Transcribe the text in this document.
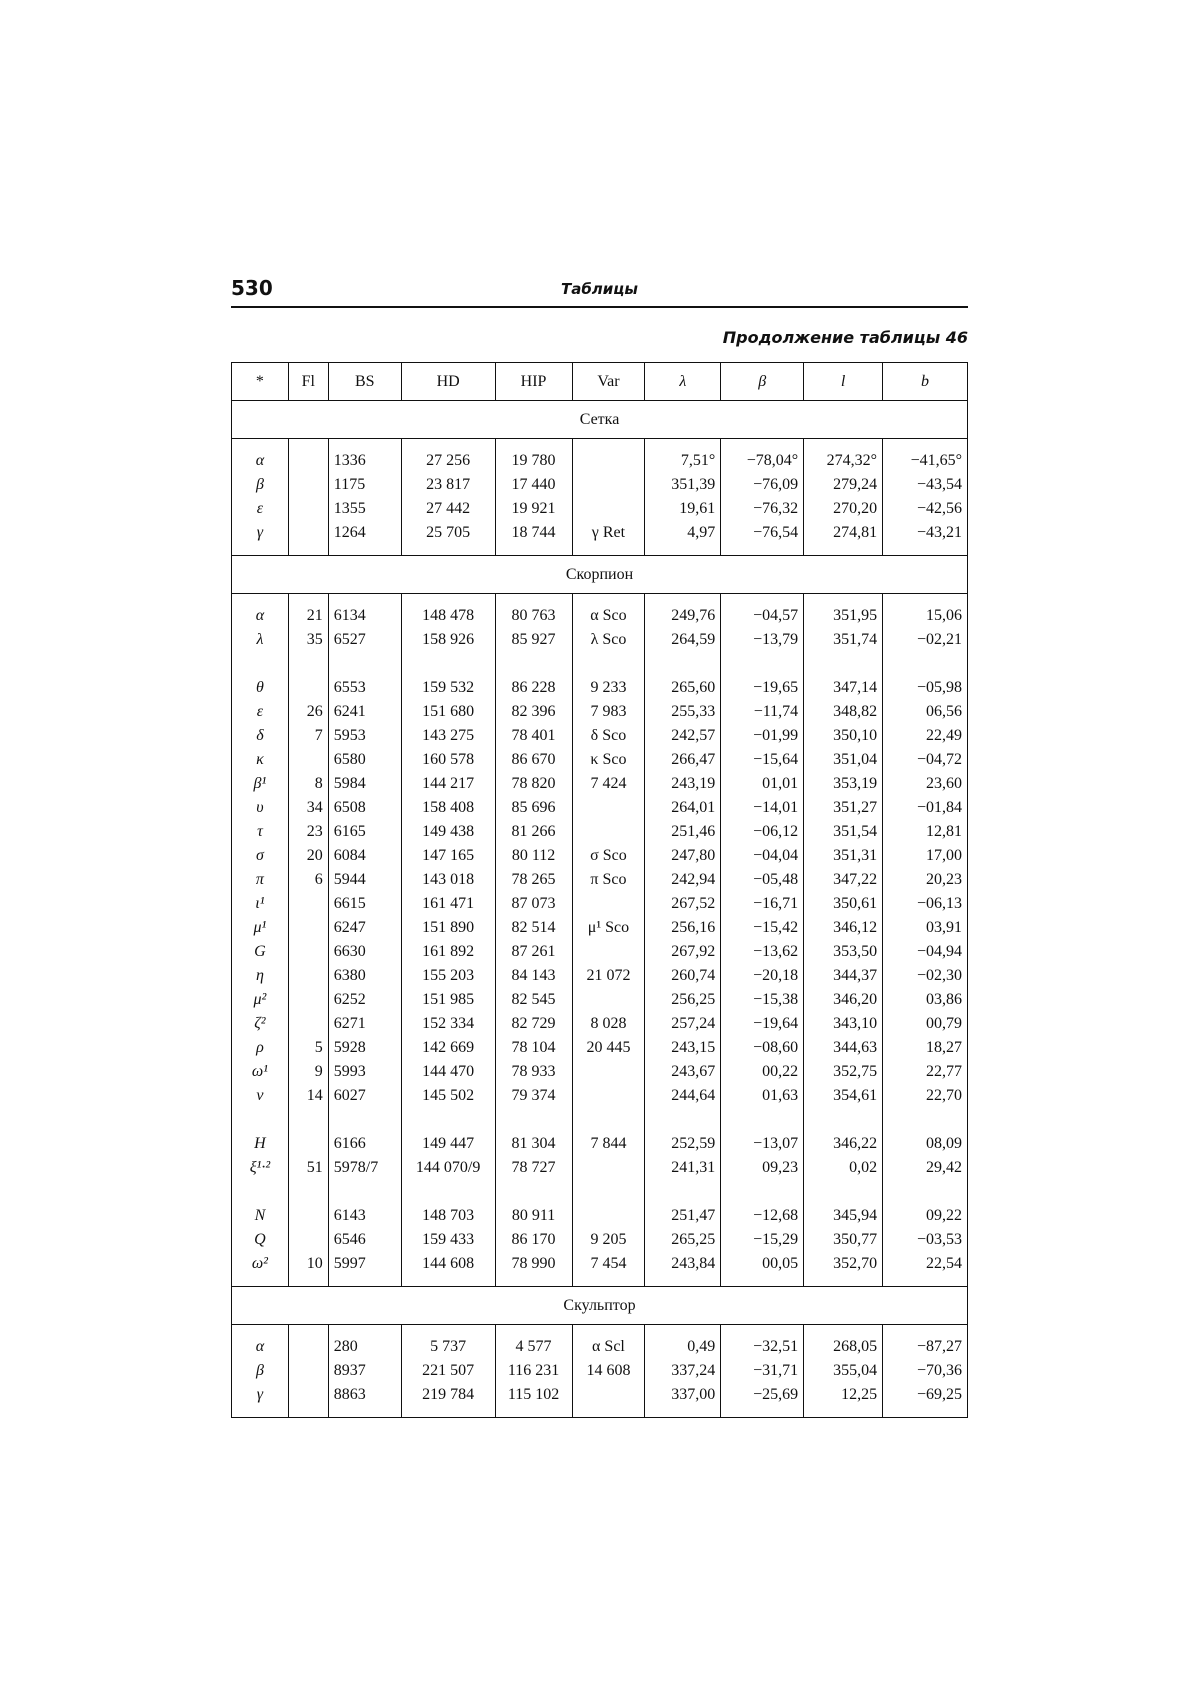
530	Таблицы
Продолжение таблицы 46
*	Fl	BS	HD	HIP	Var	λ	β	l	b
Сетка									

α		1336	27 256	19 780		7,51°	−78,04°	274,32°	−41,65°
β		1175	23 817	17 440		351,39	−76,09	279,24	−43,54
ε		1355	27 442	19 921		19,61	−76,32	270,20	−42,56
γ		1264	25 705	18 744	γ Ret	4,97	−76,54	274,81	−43,21

Скорпион									

α	21	6134	148 478	80 763	α Sco	249,76	−04,57	351,95	15,06
λ	35	6527	158 926	85 927	λ Sco	264,59	−13,79	351,74	−02,21

θ		6553	159 532	86 228	9 233	265,60	−19,65	347,14	−05,98
ε	26	6241	151 680	82 396	7 983	255,33	−11,74	348,82	06,56
δ	7	5953	143 275	78 401	δ Sco	242,57	−01,99	350,10	22,49
κ		6580	160 578	86 670	κ Sco	266,47	−15,64	351,04	−04,72
β¹	8	5984	144 217	78 820	7 424	243,19	01,01	353,19	23,60
υ	34	6508	158 408	85 696		264,01	−14,01	351,27	−01,84
τ	23	6165	149 438	81 266		251,46	−06,12	351,54	12,81
σ	20	6084	147 165	80 112	σ Sco	247,80	−04,04	351,31	17,00
π	6	5944	143 018	78 265	π Sco	242,94	−05,48	347,22	20,23
ι¹		6615	161 471	87 073		267,52	−16,71	350,61	−06,13
μ¹		6247	151 890	82 514	μ¹ Sco	256,16	−15,42	346,12	03,91
G		6630	161 892	87 261		267,92	−13,62	353,50	−04,94
η		6380	155 203	84 143	21 072	260,74	−20,18	344,37	−02,30
μ²		6252	151 985	82 545		256,25	−15,38	346,20	03,86
ζ²		6271	152 334	82 729	8 028	257,24	−19,64	343,10	00,79
ρ	5	5928	142 669	78 104	20 445	243,15	−08,60	344,63	18,27
ω¹	9	5993	144 470	78 933		243,67	00,22	352,75	22,77
ν	14	6027	145 502	79 374		244,64	01,63	354,61	22,70

H		6166	149 447	81 304	7 844	252,59	−13,07	346,22	08,09
ξ¹·²	51	5978/7	144 070/9	78 727		241,31	09,23	0,02	29,42

N		6143	148 703	80 911		251,47	−12,68	345,94	09,22
Q		6546	159 433	86 170	9 205	265,25	−15,29	350,77	−03,53
ω²	10	5997	144 608	78 990	7 454	243,84	00,05	352,70	22,54

Скульптор									

α		280	5 737	4 577	α Scl	0,49	−32,51	268,05	−87,27
β		8937	221 507	116 231	14 608	337,24	−31,71	355,04	−70,36
γ		8863	219 784	115 102		337,00	−25,69	12,25	−69,25
